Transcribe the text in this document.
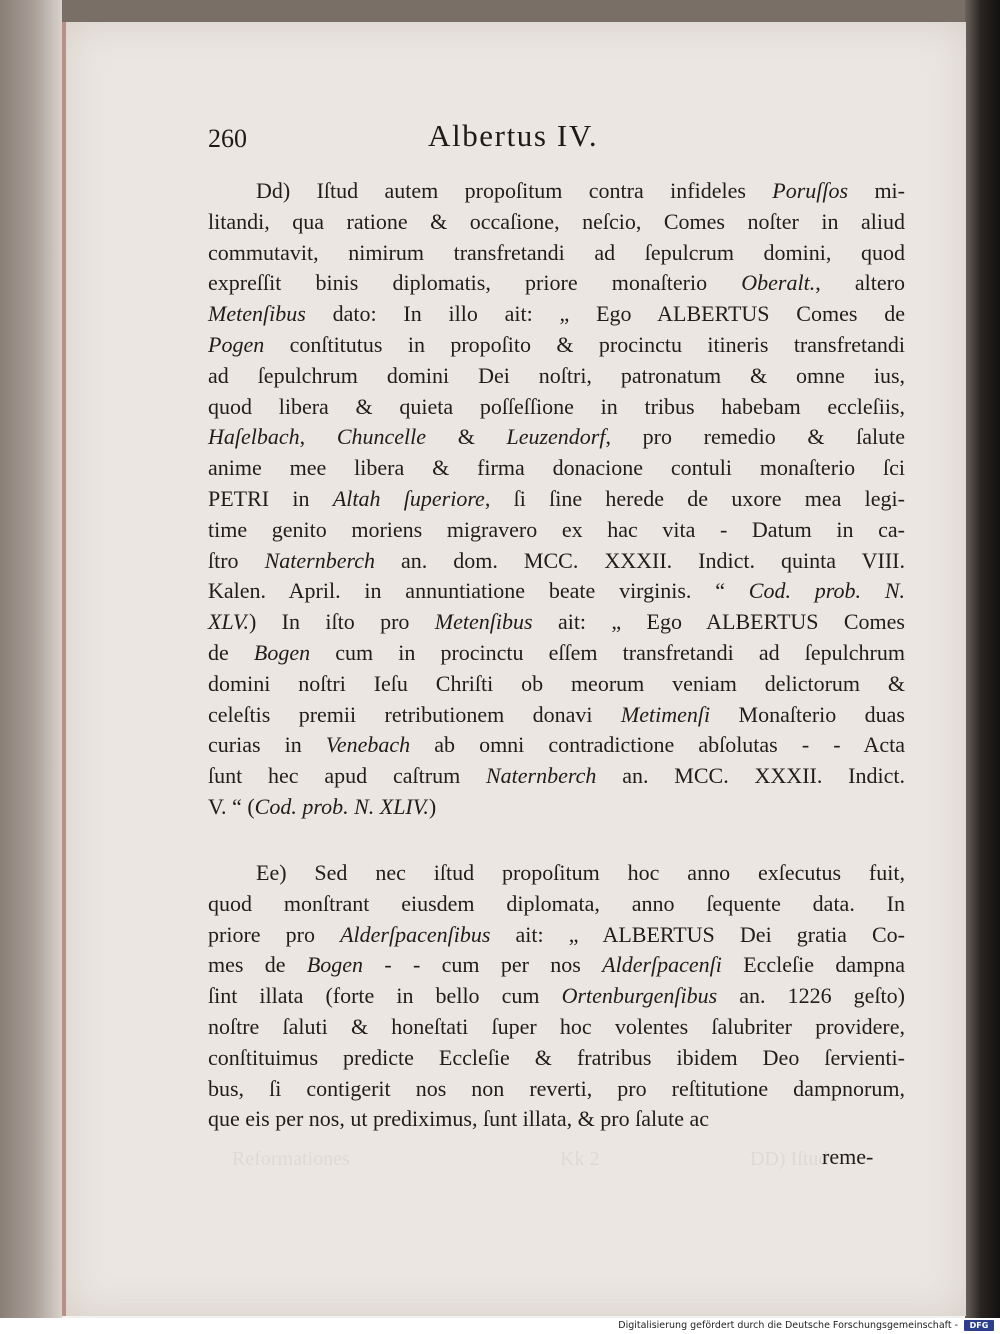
Reformationes	Kk 2	DD) Iſtud
260	Albertus IV.
Dd) Iſtud autem propoſitum contra infideles Poruſſos mi-
litandi, qua ratione & occaſione, neſcio, Comes noſter in aliud
commutavit, nimirum transfretandi ad ſepulcrum domini, quod
expreſſit binis diplomatis, priore monaſterio Oberalt., altero
Metenſibus dato: In illo ait: „ Ego ALBERTUS Comes de
Pogen conſtitutus in propoſito & procinctu itineris transfretandi
ad ſepulchrum domini Dei noſtri, patronatum & omne ius,
quod libera & quieta poſſeſſione in tribus habebam eccleſiis,
Haſelbach, Chuncelle & Leuzendorf, pro remedio & ſalute
anime mee libera & firma donacione contuli monaſterio ſci
PETRI in Altah ſuperiore, ſi ſine herede de uxore mea legi-
time genito moriens migravero ex hac vita - Datum in ca-
ſtro Naternberch an. dom. MCC. XXXII. Indict. quinta VIII.
Kalen. April. in annuntiatione beate virginis. “ Cod. prob. N.
XLV.) In iſto pro Metenſibus ait: „ Ego ALBERTUS Comes
de Bogen cum in procinctu eſſem transfretandi ad ſepulchrum
domini noſtri Ieſu Chriſti ob meorum veniam delictorum &
celeſtis premii retributionem donavi Metimenſi Monaſterio duas
curias in Venebach ab omni contradictione abſolutas - - Acta
ſunt hec apud caſtrum Naternberch an. MCC. XXXII. Indict.
V. “ (Cod. prob. N. XLIV.)
Ee) Sed nec iſtud propoſitum hoc anno exſecutus fuit,
quod monſtrant eiusdem diplomata, anno ſequente data. In
priore pro Alderſpacenſibus ait: „ ALBERTUS Dei gratia Co-
mes de Bogen - - cum per nos Alderſpacenſi Eccleſie dampna
ſint illata (forte in bello cum Ortenburgenſibus an. 1226 geſto)
noſtre ſaluti & honeſtati ſuper hoc volentes ſalubriter providere,
conſtituimus predicte Eccleſie & fratribus ibidem Deo ſervienti-
bus, ſi contigerit nos non reverti, pro reſtitutione dampnorum,
que eis per nos, ut prediximus, ſunt illata, & pro ſalute ac
reme-
Digitalisierung gefördert durch die Deutsche Forschungsgemeinschaft -	DFG
